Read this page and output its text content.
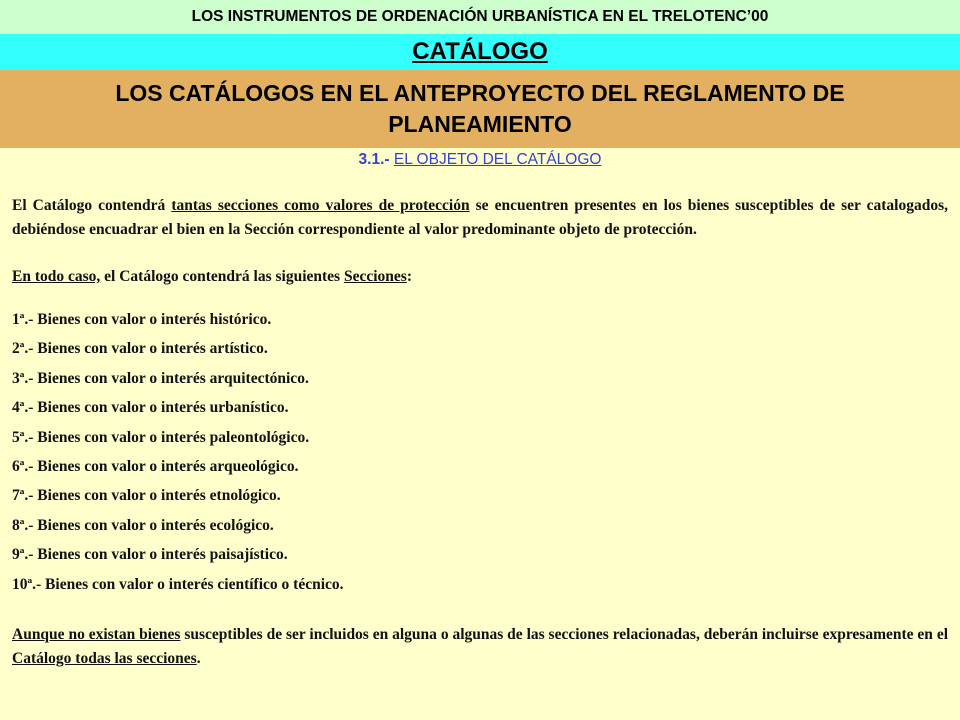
LOS INSTRUMENTOS DE ORDENACIÓN URBANÍSTICA EN EL TRELOTENC’00
CATÁLOGO
LOS CATÁLOGOS EN EL ANTEPROYECTO DEL REGLAMENTO DE PLANEAMIENTO
3.1.- EL OBJETO DEL CATÁLOGO

El Catálogo contendrá tantas secciones como valores de protección se encuentren presentes en los bienes susceptibles de ser catalogados, debiéndose encuadrar el bien en la Sección correspondiente al valor predominante objeto de protección.

En todo caso, el Catálogo contendrá las siguientes Secciones:

1ª.- Bienes con valor o interés histórico.
2ª.- Bienes con valor o interés artístico.
3ª.- Bienes con valor o interés arquitectónico.
4ª.- Bienes con valor o interés urbanístico.
5ª.- Bienes con valor o interés paleontológico.
6ª.- Bienes con valor o interés arqueológico.
7ª.- Bienes con valor o interés etnológico.
8ª.- Bienes con valor o interés ecológico.
9ª.- Bienes con valor o interés paisajístico.
10ª.- Bienes con valor o interés científico o técnico.

Aunque no existan bienes susceptibles de ser incluidos en alguna o algunas de las secciones relacionadas, deberán incluirse expresamente en el Catálogo todas las secciones.
